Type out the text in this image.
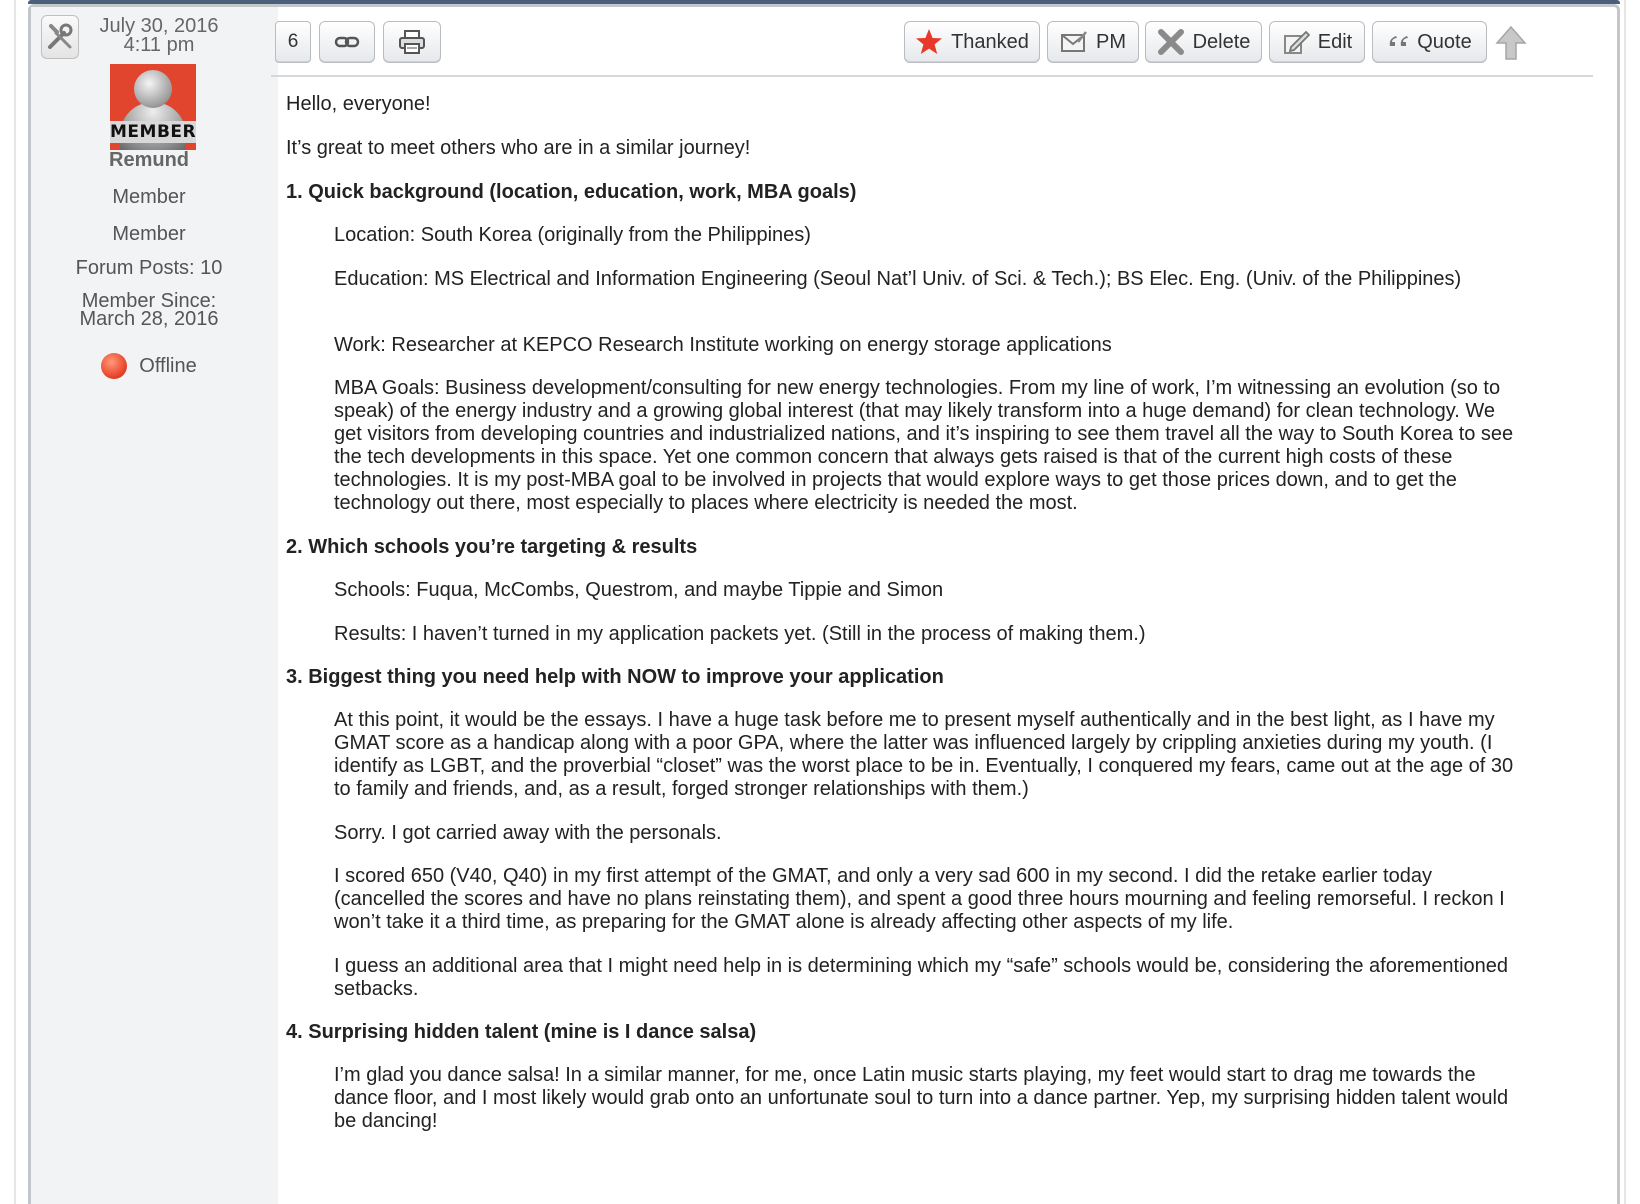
July 30, 2016
4:11 pm
MEMBER
Remund
Member
Member
Forum Posts: 10
Member Since:
March 28, 2016
Offline
6	Thanked	PM	Delete	Edit	Quote

Hello, everyone!

It’s great to meet others who are in a similar journey!

1. Quick background (location, education, work, MBA goals)

Location: South Korea (originally from the Philippines)

Education: MS Electrical and Information Engineering (Seoul Nat’l Univ. of Sci. & Tech.); BS Elec. Eng. (Univ. of the Philippines)

Work: Researcher at KEPCO Research Institute working on energy storage applications

MBA Goals: Business development/consulting for new energy technologies. From my line of work, I’m witnessing an evolution (so to speak) of the energy industry and a growing global interest (that may likely transform into a huge demand) for clean technology. We get visitors from developing countries and industrialized nations, and it’s inspiring to see them travel all the way to South Korea to see the tech developments in this space. Yet one common concern that always gets raised is that of the current high costs of these technologies. It is my post-MBA goal to be involved in projects that would explore ways to get those prices down, and to get the technology out there, most especially to places where electricity is needed the most.

2. Which schools you’re targeting & results

Schools: Fuqua, McCombs, Questrom, and maybe Tippie and Simon

Results: I haven’t turned in my application packets yet. (Still in the process of making them.)

3. Biggest thing you need help with NOW to improve your application

At this point, it would be the essays. I have a huge task before me to present myself authentically and in the best light, as I have my GMAT score as a handicap along with a poor GPA, where the latter was influenced largely by crippling anxieties during my youth. (I identify as LGBT, and the proverbial “closet” was the worst place to be in. Eventually, I conquered my fears, came out at the age of 30 to family and friends, and, as a result, forged stronger relationships with them.)

Sorry. I got carried away with the personals.

I scored 650 (V40, Q40) in my first attempt of the GMAT, and only a very sad 600 in my second. I did the retake earlier today (cancelled the scores and have no plans reinstating them), and spent a good three hours mourning and feeling remorseful. I reckon I won’t take it a third time, as preparing for the GMAT alone is already affecting other aspects of my life.

I guess an additional area that I might need help in is determining which my “safe” schools would be, considering the aforementioned setbacks.

4. Surprising hidden talent (mine is I dance salsa)

I’m glad you dance salsa! In a similar manner, for me, once Latin music starts playing, my feet would start to drag me towards the dance floor, and I most likely would grab onto an unfortunate soul to turn into a dance partner. Yep, my surprising hidden talent would be dancing!
